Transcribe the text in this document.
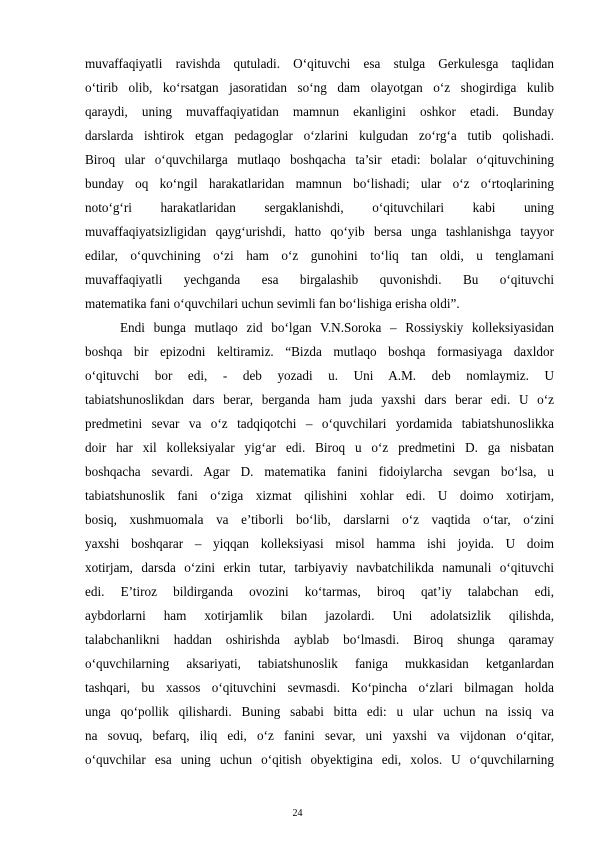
muvaffaqiyatli ravishda qutuladi. O‘qituvchi esa stulga Gerkulesga taqlidan
o‘tirib olib, ko‘rsatgan jasoratidan so‘ng dam olayotgan o‘z shogirdiga kulib
qaraydi, uning muvaffaqiyatidan mamnun ekanligini oshkor etadi. Bunday
darslarda ishtirok etgan pedagoglar o‘zlarini kulgudan zo‘rg‘a tutib qolishadi.
Biroq ular o‘quvchilarga mutlaqo boshqacha ta’sir etadi: bolalar o‘qituvchining
bunday oq ko‘ngil harakatlaridan mamnun bo‘lishadi; ular o‘z o‘rtoqlarining
noto‘g‘ri harakatlaridan sergaklanishdi, o‘qituvchilari kabi uning
muvaffaqiyatsizligidan qayg‘urishdi, hatto qo‘yib bersa unga tashlanishga tayyor
edilar, o‘quvchining o‘zi ham o‘z gunohini to‘liq tan oldi, u tenglamani
muvaffaqiyatli yechganda esa birgalashib quvonishdi. Bu o‘qituvchi
matematika fani o‘quvchilari uchun sevimli fan bo‘lishiga erisha oldi”.
Endi bunga mutlaqo zid bo‘lgan V.N.Soroka – Rossiyskiy kolleksiyasidan
boshqa bir epizodni keltiramiz. “Bizda mutlaqo boshqa formasiyaga daxldor
o‘qituvchi bor edi, - deb yozadi u. Uni A.M. deb nomlaymiz. U
tabiatshunoslikdan dars berar, berganda ham juda yaxshi dars berar edi. U o‘z
predmetini sevar va o‘z tadqiqotchi – o‘quvchilari yordamida tabiatshunoslikka
doir har xil kolleksiyalar yig‘ar edi. Biroq u o‘z predmetini D. ga nisbatan
boshqacha sevardi. Agar D. matematika fanini fidoiylarcha sevgan bo‘lsa, u
tabiatshunoslik fani o‘ziga xizmat qilishini xohlar edi. U doimo xotirjam,
bosiq, xushmuomala va e’tiborli bo‘lib, darslarni o‘z vaqtida o‘tar, o‘zini
yaxshi boshqarar – yiqqan kolleksiyasi misol hamma ishi joyida. U doim
xotirjam, darsda o‘zini erkin tutar, tarbiyaviy navbatchilikda namunali o‘qituvchi
edi. E’tiroz bildirganda ovozini ko‘tarmas, biroq qat’iy talabchan edi,
aybdorlarni ham xotirjamlik bilan jazolardi. Uni adolatsizlik qilishda,
talabchanlikni haddan oshirishda ayblab bo‘lmasdi. Biroq shunga qaramay
o‘quvchilarning aksariyati, tabiatshunoslik faniga mukkasidan ketganlardan
tashqari, bu xassos o‘qituvchini sevmasdi. Ko‘pincha o‘zlari bilmagan holda
unga qo‘pollik qilishardi. Buning sababi bitta edi: u ular uchun na issiq va
na sovuq, befarq, iliq edi, o‘z fanini sevar, uni yaxshi va vijdonan o‘qitar,
o‘quvchilar esa uning uchun o‘qitish obyektigina edi, xolos. U o‘quvchilarning
24
